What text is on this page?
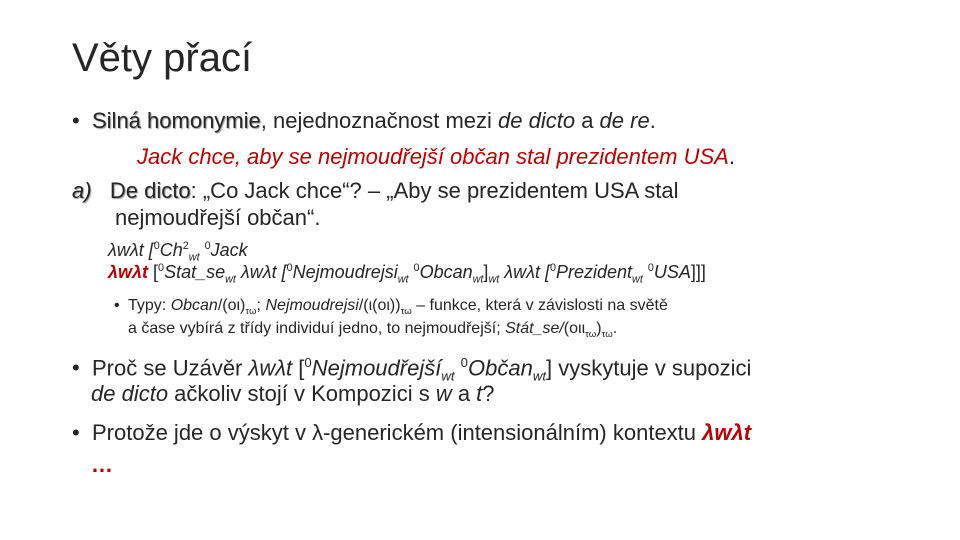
Věty přací
• Silná homonymie, nejednoznačnost mezi de dicto a de re.
Jack chce, aby se nejmoudřejší občan stal prezidentem USA.
a) De dicto: „Co Jack chce“? – „Aby se prezidentem USA stal
nejmoudřejší občan“.
λwλt [$^0Ch^2_{wt}$ $^0$Jack
λwλt [$^0Stat\_se_{wt}$ λwλt [$^0$Nejmoudrejsi$_{wt}$ $^0Obcan_{wt}]_{wt}$ λwλt [$^0$Prezident$_{wt}$ $^0$USA]]]
• Typy: Obcan/$(o\iota)_{\tau\omega}$; Nejmoudrejsi/$(\iota(o\iota))_{\tau\omega}$ – funkce, která v závislosti na světě
a čase vybírá z třídy individuí jedno, to nejmoudřejší; $Stát\_se/(o\iota\iota_{\tau\omega})_{\tau\omega}$.
• Proč se Uzávěr λwλt [$^0$Nejmoudřejší$_{wt}$ $^0$Občan$_{wt}$] vyskytuje v supozici
de dicto ačkoliv stojí v Kompozici s w a t?
• Protože jde o výskyt v λ-generickém (intensionálním) kontextu λwλt
…
